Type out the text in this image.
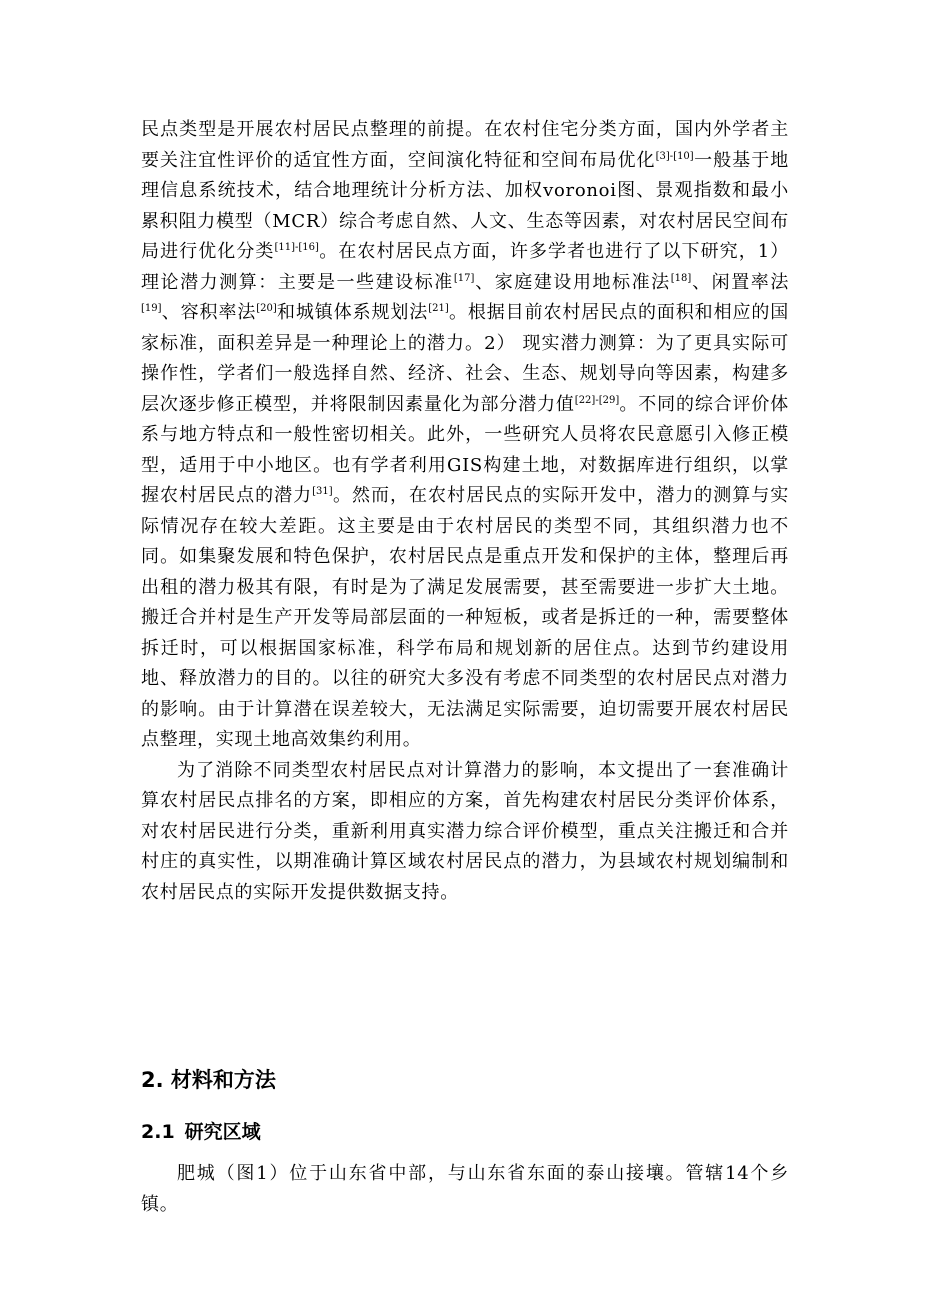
民点类型是开展农村居民点整理的前提。在农村住宅分类方面，国内外学者主要关注宜性评价的适宜性方面，空间演化特征和空间布局优化[3]-[10]一般基于地理信息系统技术，结合地理统计分析方法、加权voronoi图、景观指数和最小累积阻力模型（MCR）综合考虑自然、人文、生态等因素，对农村居民空间布局进行优化分类[11]-[16]。在农村居民点方面，许多学者也进行了以下研究，1）理论潜力测算：主要是一些建设标准[17]、家庭建设用地标准法[18]、闲置率法[19]、容积率法[20]和城镇体系规划法[21]。根据目前农村居民点的面积和相应的国家标准，面积差异是一种理论上的潜力。2） 现实潜力测算：为了更具实际可操作性，学者们一般选择自然、经济、社会、生态、规划导向等因素，构建多层次逐步修正模型，并将限制因素量化为部分潜力值[22]-[29]。不同的综合评价体系与地方特点和一般性密切相关。此外，一些研究人员将农民意愿引入修正模型，适用于中小地区。也有学者利用GIS构建土地，对数据库进行组织，以掌握农村居民点的潜力[31]。然而，在农村居民点的实际开发中，潜力的测算与实际情况存在较大差距。这主要是由于农村居民的类型不同，其组织潜力也不同。如集聚发展和特色保护，农村居民点是重点开发和保护的主体，整理后再出租的潜力极其有限，有时是为了满足发展需要，甚至需要进一步扩大土地。搬迁合并村是生产开发等局部层面的一种短板，或者是拆迁的一种，需要整体拆迁时，可以根据国家标准，科学布局和规划新的居住点。达到节约建设用地、释放潜力的目的。以往的研究大多没有考虑不同类型的农村居民点对潜力的影响。由于计算潜在误差较大，无法满足实际需要，迫切需要开展农村居民点整理，实现土地高效集约利用。

为了消除不同类型农村居民点对计算潜力的影响，本文提出了一套准确计算农村居民点排名的方案，即相应的方案，首先构建农村居民分类评价体系，对农村居民进行分类，重新利用真实潜力综合评价模型，重点关注搬迁和合并村庄的真实性，以期准确计算区域农村居民点的潜力，为县域农村规划编制和农村居民点的实际开发提供数据支持。

2. 材料和方法
2.1 研究区域

肥城（图1）位于山东省中部，与山东省东面的泰山接壤。管辖14个乡镇。
